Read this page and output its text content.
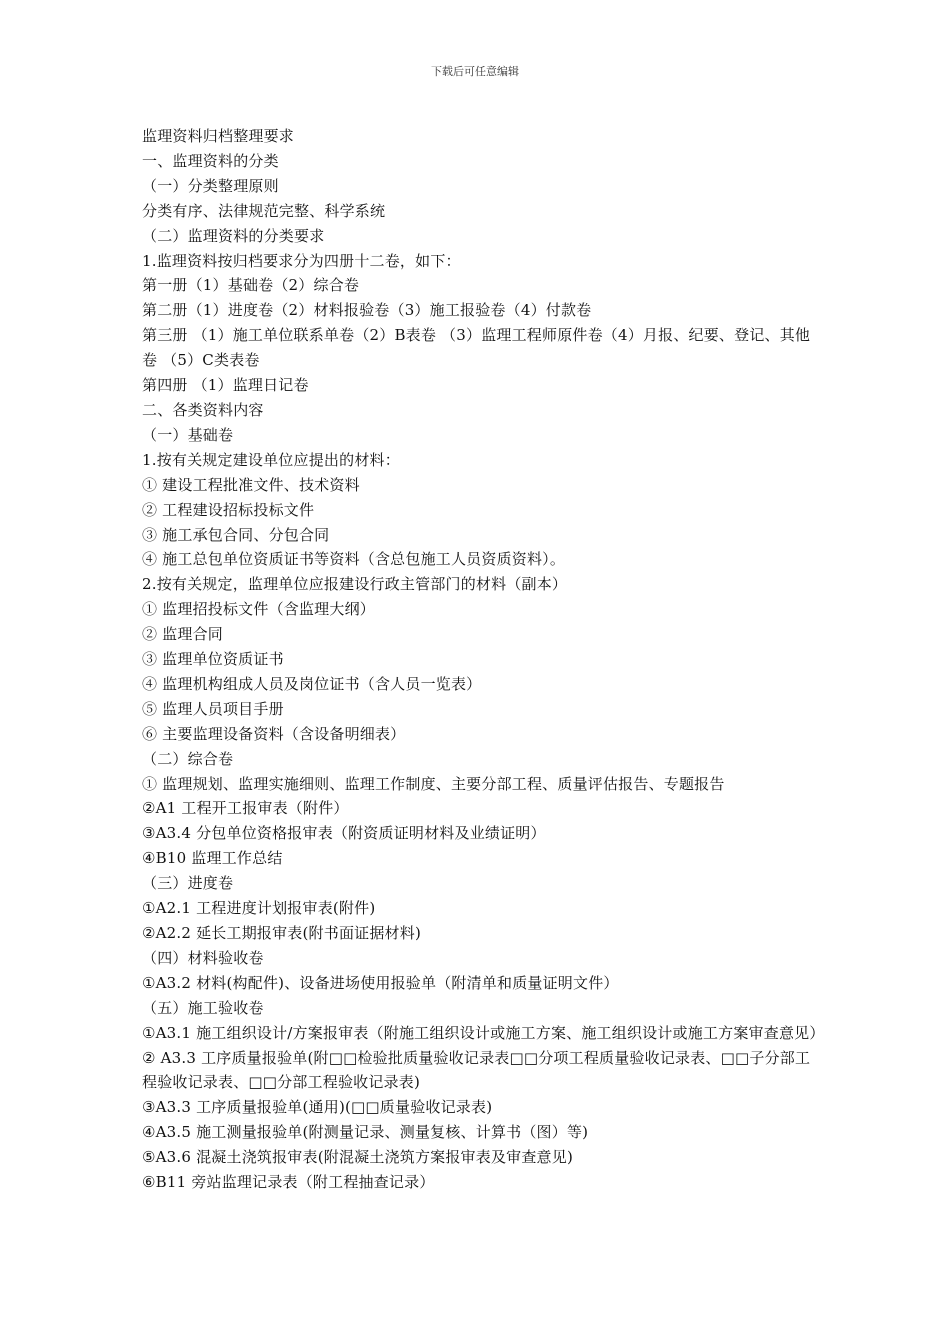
下载后可任意编辑
监理资料归档整理要求
一、监理资料的分类
（一）分类整理原则
分类有序、法律规范完整、科学系统
（二）监理资料的分类要求
1.监理资料按归档要求分为四册十二卷，如下：
第一册（1）基础卷（2）综合卷
第二册（1）进度卷（2）材料报验卷（3）施工报验卷（4）付款卷
第三册 （1）施工单位联系单卷（2）B表卷 （3）监理工程师原件卷（4）月报、纪要、登记、其他卷 （5）C类表卷
第四册 （1）监理日记卷
二、各类资料内容
（一）基础卷
1.按有关规定建设单位应提出的材料：
① 建设工程批准文件、技术资料
② 工程建设招标投标文件
③ 施工承包合同、分包合同
④ 施工总包单位资质证书等资料（含总包施工人员资质资料）。
2.按有关规定，监理单位应报建设行政主管部门的材料（副本）
① 监理招投标文件（含监理大纲）
② 监理合同
③ 监理单位资质证书
④ 监理机构组成人员及岗位证书（含人员一览表）
⑤ 监理人员项目手册
⑥ 主要监理设备资料（含设备明细表）
（二）综合卷
① 监理规划、监理实施细则、监理工作制度、主要分部工程、质量评估报告、专题报告
②A1 工程开工报审表（附件）
③A3.4 分包单位资格报审表（附资质证明材料及业绩证明）
④B10 监理工作总结
（三）进度卷
①A2.1 工程进度计划报审表(附件)
②A2.2 延长工期报审表(附书面证据材料)
（四）材料验收卷
①A3.2 材料(构配件)、设备进场使用报验单（附清单和质量证明文件）
（五）施工验收卷
①A3.1 施工组织设计/方案报审表（附施工组织设计或施工方案、施工组织设计或施工方案审查意见）
② A3.3 工序质量报验单(附□□检验批质量验收记录表□□分项工程质量验收记录表、□□子分部工程验收记录表、□□分部工程验收记录表)
③A3.3 工序质量报验单(通用)(□□质量验收记录表)
④A3.5 施工测量报验单(附测量记录、测量复核、计算书（图）等)
⑤A3.6 混凝土浇筑报审表(附混凝土浇筑方案报审表及审查意见)
⑥B11 旁站监理记录表（附工程抽查记录）
